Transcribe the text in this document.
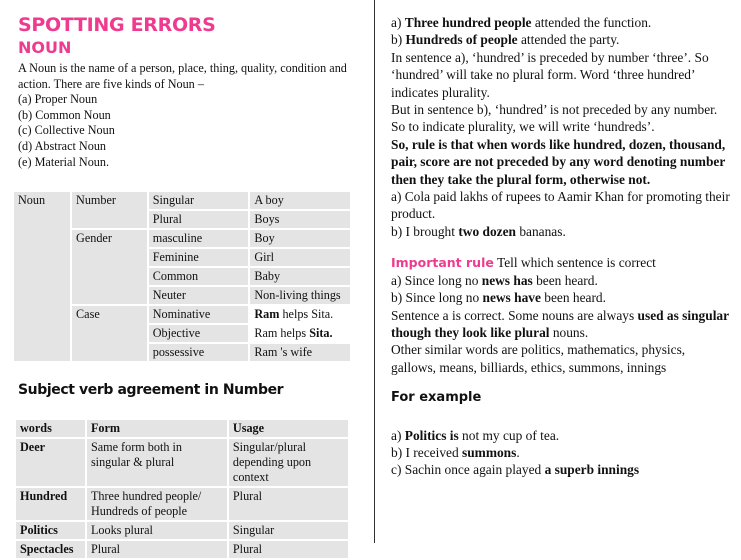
SPOTTING ERRORS
NOUN
A Noun is the name of a person, place, thing, quality, condition and action. There are five kinds of Noun –
(a) Proper Noun
(b) Common Noun
(c) Collective Noun
(d) Abstract Noun
(e) Material Noun.
Noun	Number	Singular	A boy
		Plural	Boys
	Gender	masculine	Boy
		Feminine	Girl
		Common	Baby
		Neuter	Non-living things
	Case	Nominative	Ram helps Sita.
		Objective	Ram helps Sita.
		possessive	Ram 's wife
Subject verb agreement in Number
words	Form	Usage
Deer	Same form both in singular & plural	Singular/plural depending upon context
Hundred	Three hundred people/ Hundreds of people	Plural
Politics	Looks plural	Singular
Spectacles	Plural	Plural

a) Three hundred people attended the function.

b) Hundreds of people attended the party.

In sentence a), ‘hundred’ is preceded by number ‘three’. So ‘hundred’ will take no plural form. Word ‘three hundred’ indicates plurality.

But in sentence b), ‘hundred’ is not preceded by any number. So to indicate plurality, we will write ‘hundreds’.

So, rule is that when words like hundred, dozen, thousand, pair, score are not preceded by any word denoting number then they take the plural form, otherwise not.

a) Cola paid lakhs of rupees to Aamir Khan for promoting their product.

b) I brought two dozen bananas.

Important rule Tell which sentence is correct

a) Since long no news has been heard.

b) Since long no news have been heard.

Sentence a is correct. Some nouns are always used as singular though they look like plural nouns.

Other similar words are politics, mathematics, physics, gallows, means, billiards, ethics, summons, innings

For example

a) Politics is not my cup of tea.

b) I received summons.

c) Sachin once again played a superb innings
